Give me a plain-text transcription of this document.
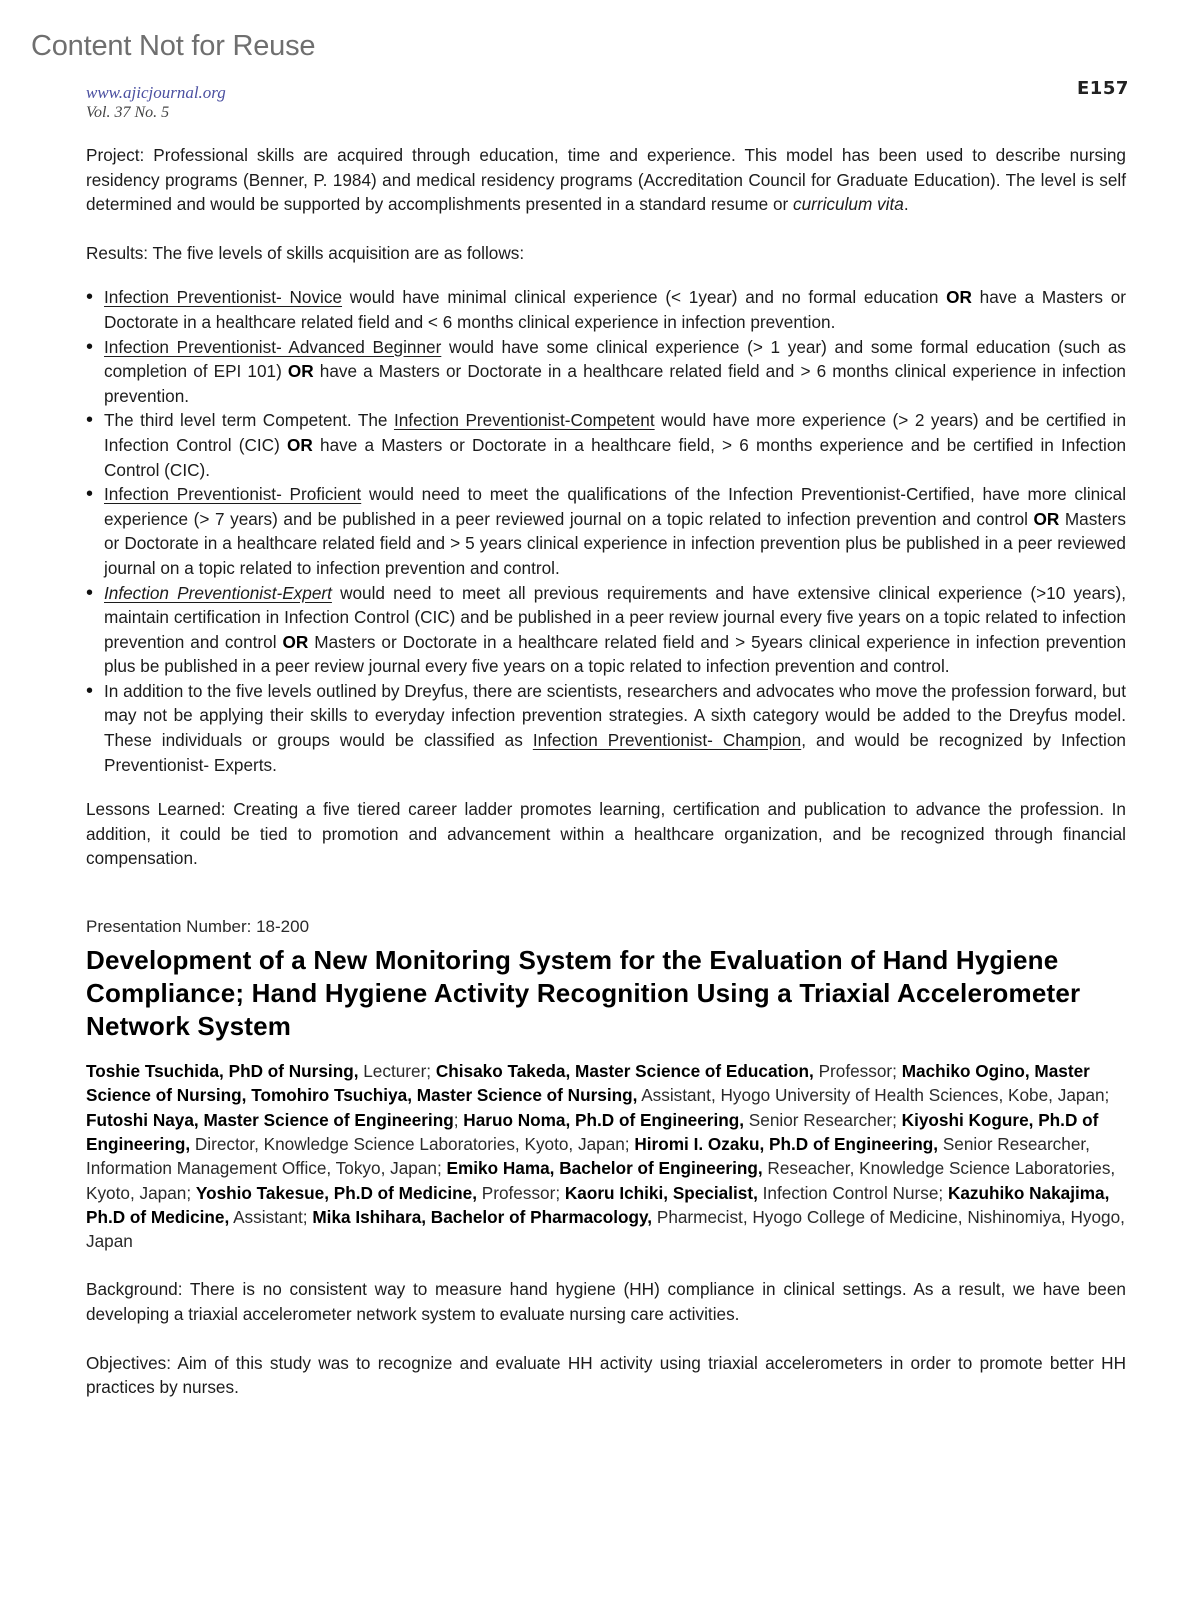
Content Not for Reuse
www.ajicjournal.org
Vol. 37 No. 5
E157

Project: Professional skills are acquired through education, time and experience. This model has been used to describe nursing residency programs (Benner, P. 1984) and medical residency programs (Accreditation Council for Graduate Education). The level is self determined and would be supported by accomplishments presented in a standard resume or curriculum vita.

Results: The five levels of skills acquisition are as follows:

• Infection Preventionist- Novice would have minimal clinical experience (< 1year) and no formal education OR have a Masters or Doctorate in a healthcare related field and < 6 months clinical experience in infection prevention.
• Infection Preventionist- Advanced Beginner would have some clinical experience (> 1 year) and some formal education (such as completion of EPI 101) OR have a Masters or Doctorate in a healthcare related field and > 6 months clinical experience in infection prevention.
• The third level term Competent. The Infection Preventionist-Competent would have more experience (> 2 years) and be certified in Infection Control (CIC) OR have a Masters or Doctorate in a healthcare field, > 6 months experience and be certified in Infection Control (CIC).
• Infection Preventionist- Proficient would need to meet the qualifications of the Infection Preventionist-Certified, have more clinical experience (> 7 years) and be published in a peer reviewed journal on a topic related to infection prevention and control OR Masters or Doctorate in a healthcare related field and > 5 years clinical experience in infection prevention plus be published in a peer reviewed journal on a topic related to infection prevention and control.
• Infection Preventionist-Expert would need to meet all previous requirements and have extensive clinical experience (>10 years), maintain certification in Infection Control (CIC) and be published in a peer review journal every five years on a topic related to infection prevention and control OR Masters or Doctorate in a healthcare related field and > 5years clinical experience in infection prevention plus be published in a peer review journal every five years on a topic related to infection prevention and control.
• In addition to the five levels outlined by Dreyfus, there are scientists, researchers and advocates who move the profession forward, but may not be applying their skills to everyday infection prevention strategies. A sixth category would be added to the Dreyfus model. These individuals or groups would be classified as Infection Preventionist- Champion, and would be recognized by Infection Preventionist- Experts.

Lessons Learned: Creating a five tiered career ladder promotes learning, certification and publication to advance the profession. In addition, it could be tied to promotion and advancement within a healthcare organization, and be recognized through financial compensation.

Presentation Number: 18-200
Development of a New Monitoring System for the Evaluation of Hand Hygiene Compliance; Hand Hygiene Activity Recognition Using a Triaxial Accelerometer Network System

Toshie Tsuchida, PhD of Nursing, Lecturer; Chisako Takeda, Master Science of Education, Professor; Machiko Ogino, Master Science of Nursing, Tomohiro Tsuchiya, Master Science of Nursing, Assistant, Hyogo University of Health Sciences, Kobe, Japan; Futoshi Naya, Master Science of Engineering; Haruo Noma, Ph.D of Engineering, Senior Researcher; Kiyoshi Kogure, Ph.D of Engineering, Director, Knowledge Science Laboratories, Kyoto, Japan; Hiromi I. Ozaku, Ph.D of Engineering, Senior Researcher, Information Management Office, Tokyo, Japan; Emiko Hama, Bachelor of Engineering, Reseacher, Knowledge Science Laboratories, Kyoto, Japan; Yoshio Takesue, Ph.D of Medicine, Professor; Kaoru Ichiki, Specialist, Infection Control Nurse; Kazuhiko Nakajima, Ph.D of Medicine, Assistant; Mika Ishihara, Bachelor of Pharmacology, Pharmecist, Hyogo College of Medicine, Nishinomiya, Hyogo, Japan

Background: There is no consistent way to measure hand hygiene (HH) compliance in clinical settings. As a result, we have been developing a triaxial accelerometer network system to evaluate nursing care activities.

Objectives: Aim of this study was to recognize and evaluate HH activity using triaxial accelerometers in order to promote better HH practices by nurses.
